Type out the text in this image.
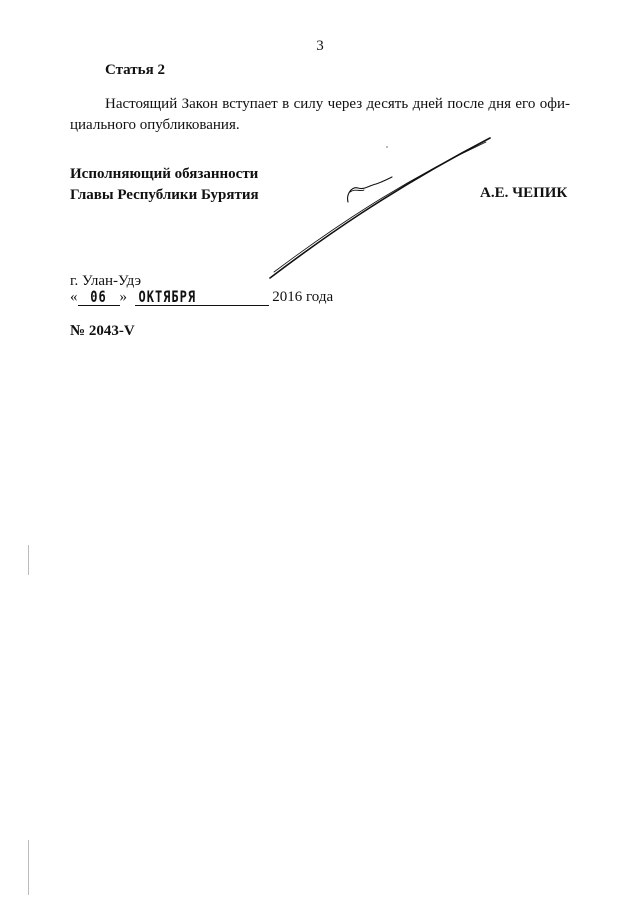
3
Статья 2
Настоящий Закон вступает в силу через десять дней после дня его офи-
циального опубликования.
Исполняющий обязанности
Главы Республики Бурятия	А.Е. ЧЕПИК
г. Улан-Удэ
« 06 » ОКТЯБРЯ	2016 года
№ 2043-V
